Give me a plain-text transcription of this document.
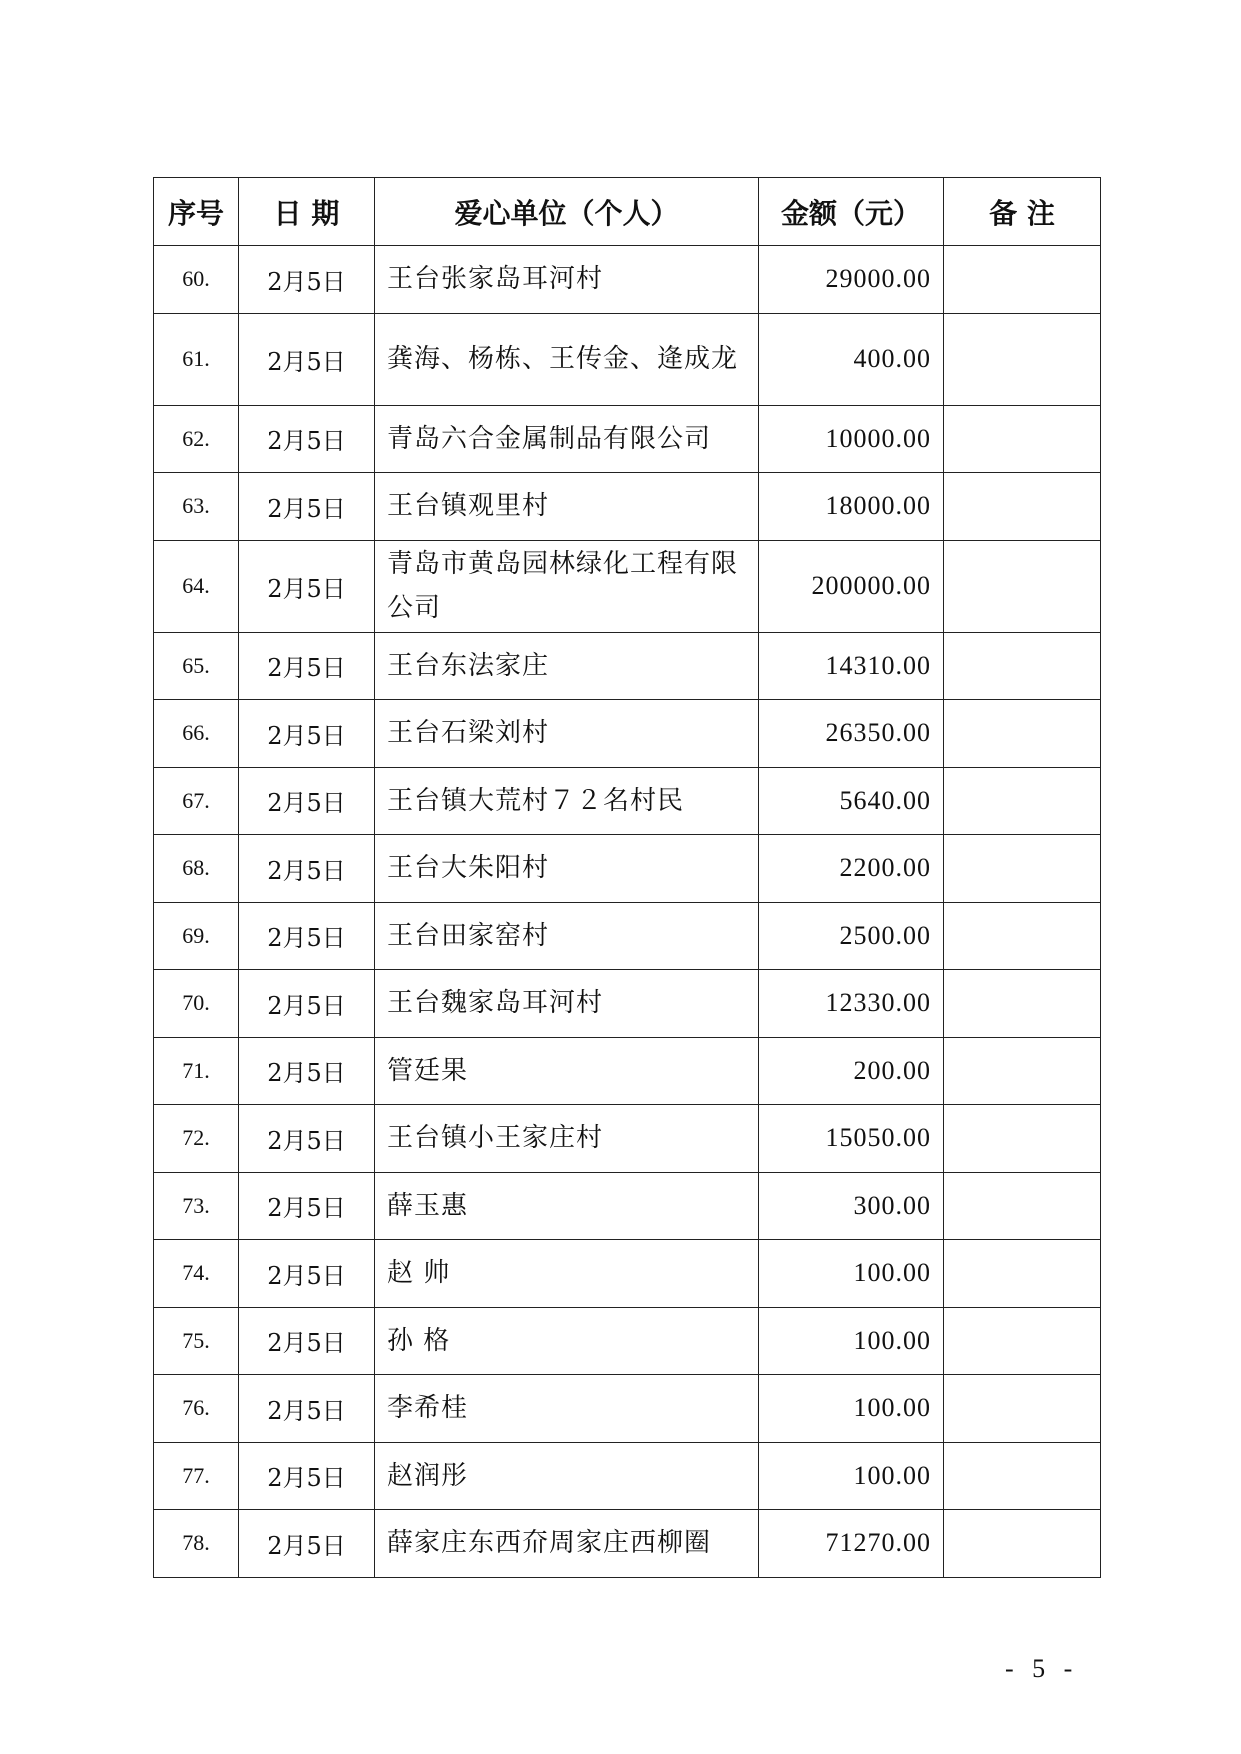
序号	日 期	爱心单位（个人）	金额（元）	备 注
60.	2月5日	王台张家岛耳河村	29000.00	
61.	2月5日	龚海、杨栋、王传金、逄成龙	400.00	
62.	2月5日	青岛六合金属制品有限公司	10000.00	
63.	2月5日	王台镇观里村	18000.00	
64.	2月5日	青岛市黄岛园林绿化工程有限公司	200000.00	
65.	2月5日	王台东法家庄	14310.00	
66.	2月5日	王台石梁刘村	26350.00	
67.	2月5日	王台镇大荒村７２名村民	5640.00	
68.	2月5日	王台大朱阳村	2200.00	
69.	2月5日	王台田家窑村	2500.00	
70.	2月5日	王台魏家岛耳河村	12330.00	
71.	2月5日	管廷果	200.00	
72.	2月5日	王台镇小王家庄村	15050.00	
73.	2月5日	薛玉惠	300.00	
74.	2月5日	赵 帅	100.00	
75.	2月5日	孙 格	100.00	
76.	2月5日	李希桂	100.00	
77.	2月5日	赵润彤	100.00	
78.	2月5日	薛家庄东西夼周家庄西柳圈	71270.00	
- 5 -
